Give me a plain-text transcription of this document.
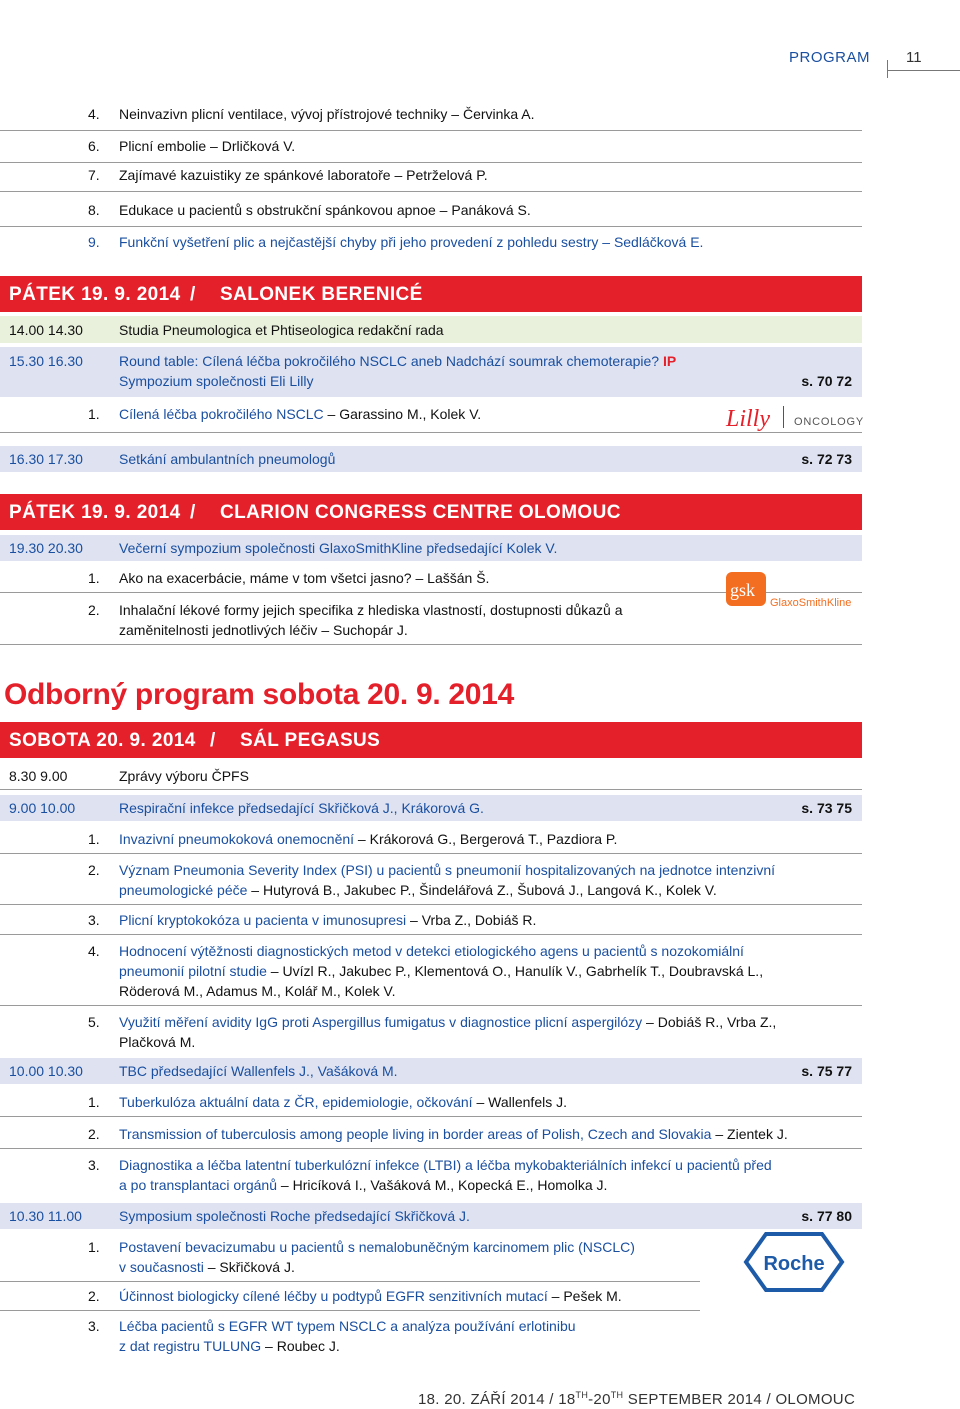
PROGRAM 11
4.	Neinvazivn plicní ventilace, vývoj přístrojové techniky – Červinka A.
6.	Plicní embolie – Drličková V.
7.	Zajímavé kazuistiky ze spánkové laboratoře – Petrželová P.
8.	Edukace u pacientů s obstrukční spánkovou apnoe – Panáková S.
9.	Funkční vyšetření plic a nejčastější chyby při jeho provedení z pohledu sestry – Sedláčková E.
PÁTEK 19. 9. 2014 / SALONEK BERENICÉ
14.00 14.30	Studia Pneumologica et Phtiseologica redakční rada
15.30 16.30	Round table: Cílená léčba pokročilého NSCLC aneb Nadchází soumrak chemoterapie? IP
Sympozium společnosti Eli Lilly	s. 70 72
1.	Cílená léčba pokročilého NSCLC – Garassino M., Kolek V.	Lilly ONCOLOGY
16.30 17.30	Setkání ambulantních pneumologů	s. 72 73
PÁTEK 19. 9. 2014 / CLARION CONGRESS CENTRE OLOMOUC
19.30 20.30	Večerní sympozium společnosti GlaxoSmithKline předsedající Kolek V.
1.	Ako na exacerbácie, máme v tom všetci jasno? – Laššán Š.
2.	Inhalační lékové formy jejich specifika z hlediska vlastností, dostupnosti důkazů a
zaměnitelnosti jednotlivých léčiv – Suchopár J.
gsk
GlaxoSmithKline
Odborný program sobota 20. 9. 2014
SOBOTA 20. 9. 2014 / SÁL PEGASUS
8.30 9.00	Zprávy výboru ČPFS
9.00 10.00	Respirační infekce předsedající Skřičková J., Krákorová G.	s. 73 75
1.	Invazivní pneumokoková onemocnění – Krákorová G., Bergerová T., Pazdiora P.
2.	Význam Pneumonia Severity Index (PSI) u pacientů s pneumonií hospitalizovaných na jednotce intenzivní
pneumologické péče – Hutyrová B., Jakubec P., Šindelářová Z., Šubová J., Langová K., Kolek V.
3.	Plicní kryptokokóza u pacienta v imunosupresi – Vrba Z., Dobiáš R.
4.	Hodnocení výtěžnosti diagnostických metod v detekci etiologického agens u pacientů s nozokomiální
pneumonií pilotní studie – Uvízl R., Jakubec P., Klementová O., Hanulík V., Gabrhelík T., Doubravská L.,
Röderová M., Adamus M., Kolář M., Kolek V.
5.	Využití měření avidity IgG proti Aspergillus fumigatus v diagnostice plicní aspergilózy – Dobiáš R., Vrba Z.,
Plačková M.
10.00 10.30	TBC předsedající Wallenfels J., Vašáková M.	s. 75 77
1.	Tuberkulóza aktuální data z ČR, epidemiologie, očkování – Wallenfels J.
2.	Transmission of tuberculosis among people living in border areas of Polish, Czech and Slovakia – Zientek J.
3.	Diagnostika a léčba latentní tuberkulózní infekce (LTBI) a léčba mykobakteriálních infekcí u pacientů před
a po transplantaci orgánů – Hricíková I., Vašáková M., Kopecká E., Homolka J.
10.30 11.00	Symposium společnosti Roche předsedající Skřičková J.	s. 77 80
1.	Postavení bevacizumabu u pacientů s nemalobuněčným karcinomem plic (NSCLC)
v současnosti – Skřičková J.
2.	Účinnost biologicky cílené léčby u podtypů EGFR senzitivních mutací – Pešek M.
3.	Léčba pacientů s EGFR WT typem NSCLC a analýza používání erlotinibu
z dat registru TULUNG – Roubec J.
Roche
18. 20. ZÁŘÍ 2014 / 18TH-20TH SEPTEMBER 2014 / OLOMOUC
